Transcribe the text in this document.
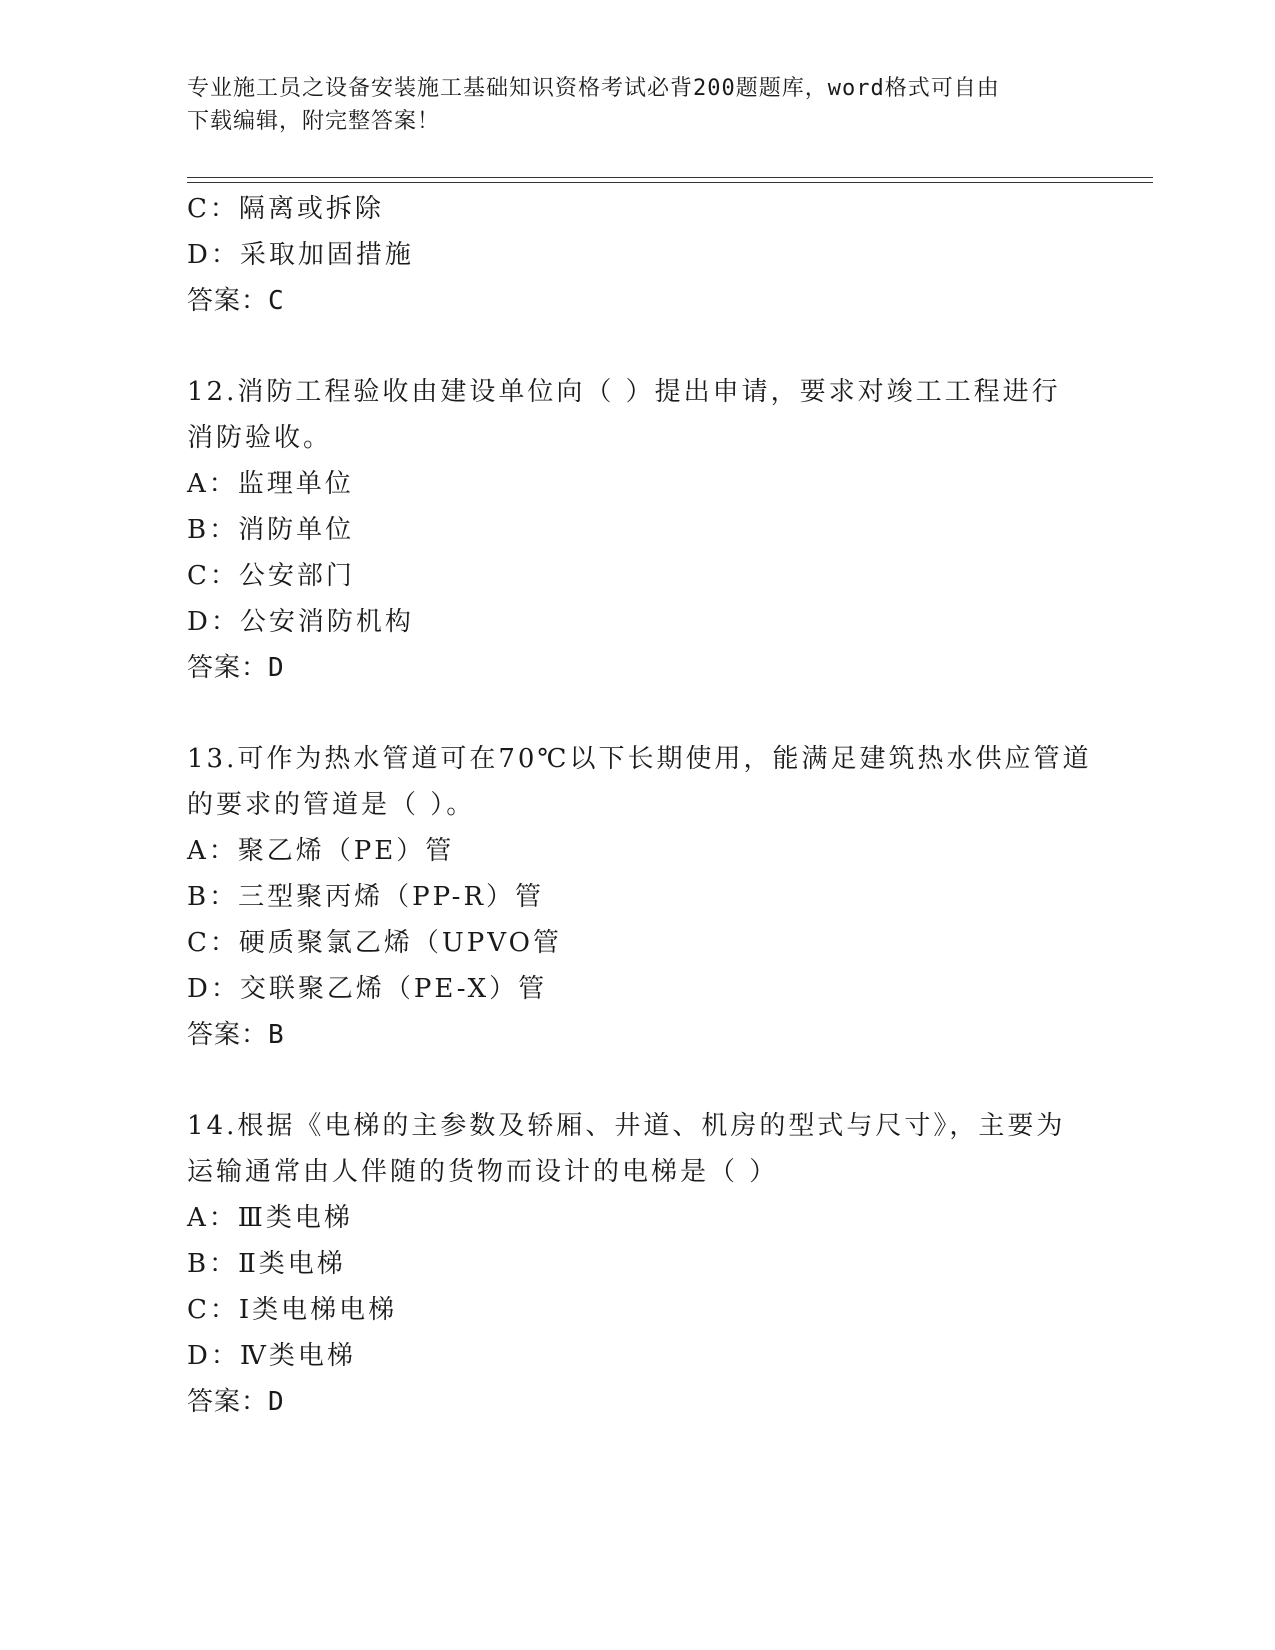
专业施工员之设备安装施工基础知识资格考试必背200题题库，word格式可自由
下载编辑，附完整答案！
C：隔离或拆除
D：采取加固措施
答案：C
12.消防工程验收由建设单位向（ ）提出申请，要求对竣工工程进行
消防验收。
A：监理单位
B：消防单位
C：公安部门
D：公安消防机构
答案：D
13.可作为热水管道可在70℃以下长期使用，能满足建筑热水供应管道
的要求的管道是（ ）。
A：聚乙烯（PE）管
B：三型聚丙烯（PP-R）管
C：硬质聚氯乙烯（UPVO管
D：交联聚乙烯（PE-X）管
答案：B
14.根据《电梯的主参数及轿厢、井道、机房的型式与尺寸》，主要为
运输通常由人伴随的货物而设计的电梯是（ ）
A：Ⅲ类电梯
B：Ⅱ类电梯
C：Ⅰ类电梯电梯
D：Ⅳ类电梯
答案：D
